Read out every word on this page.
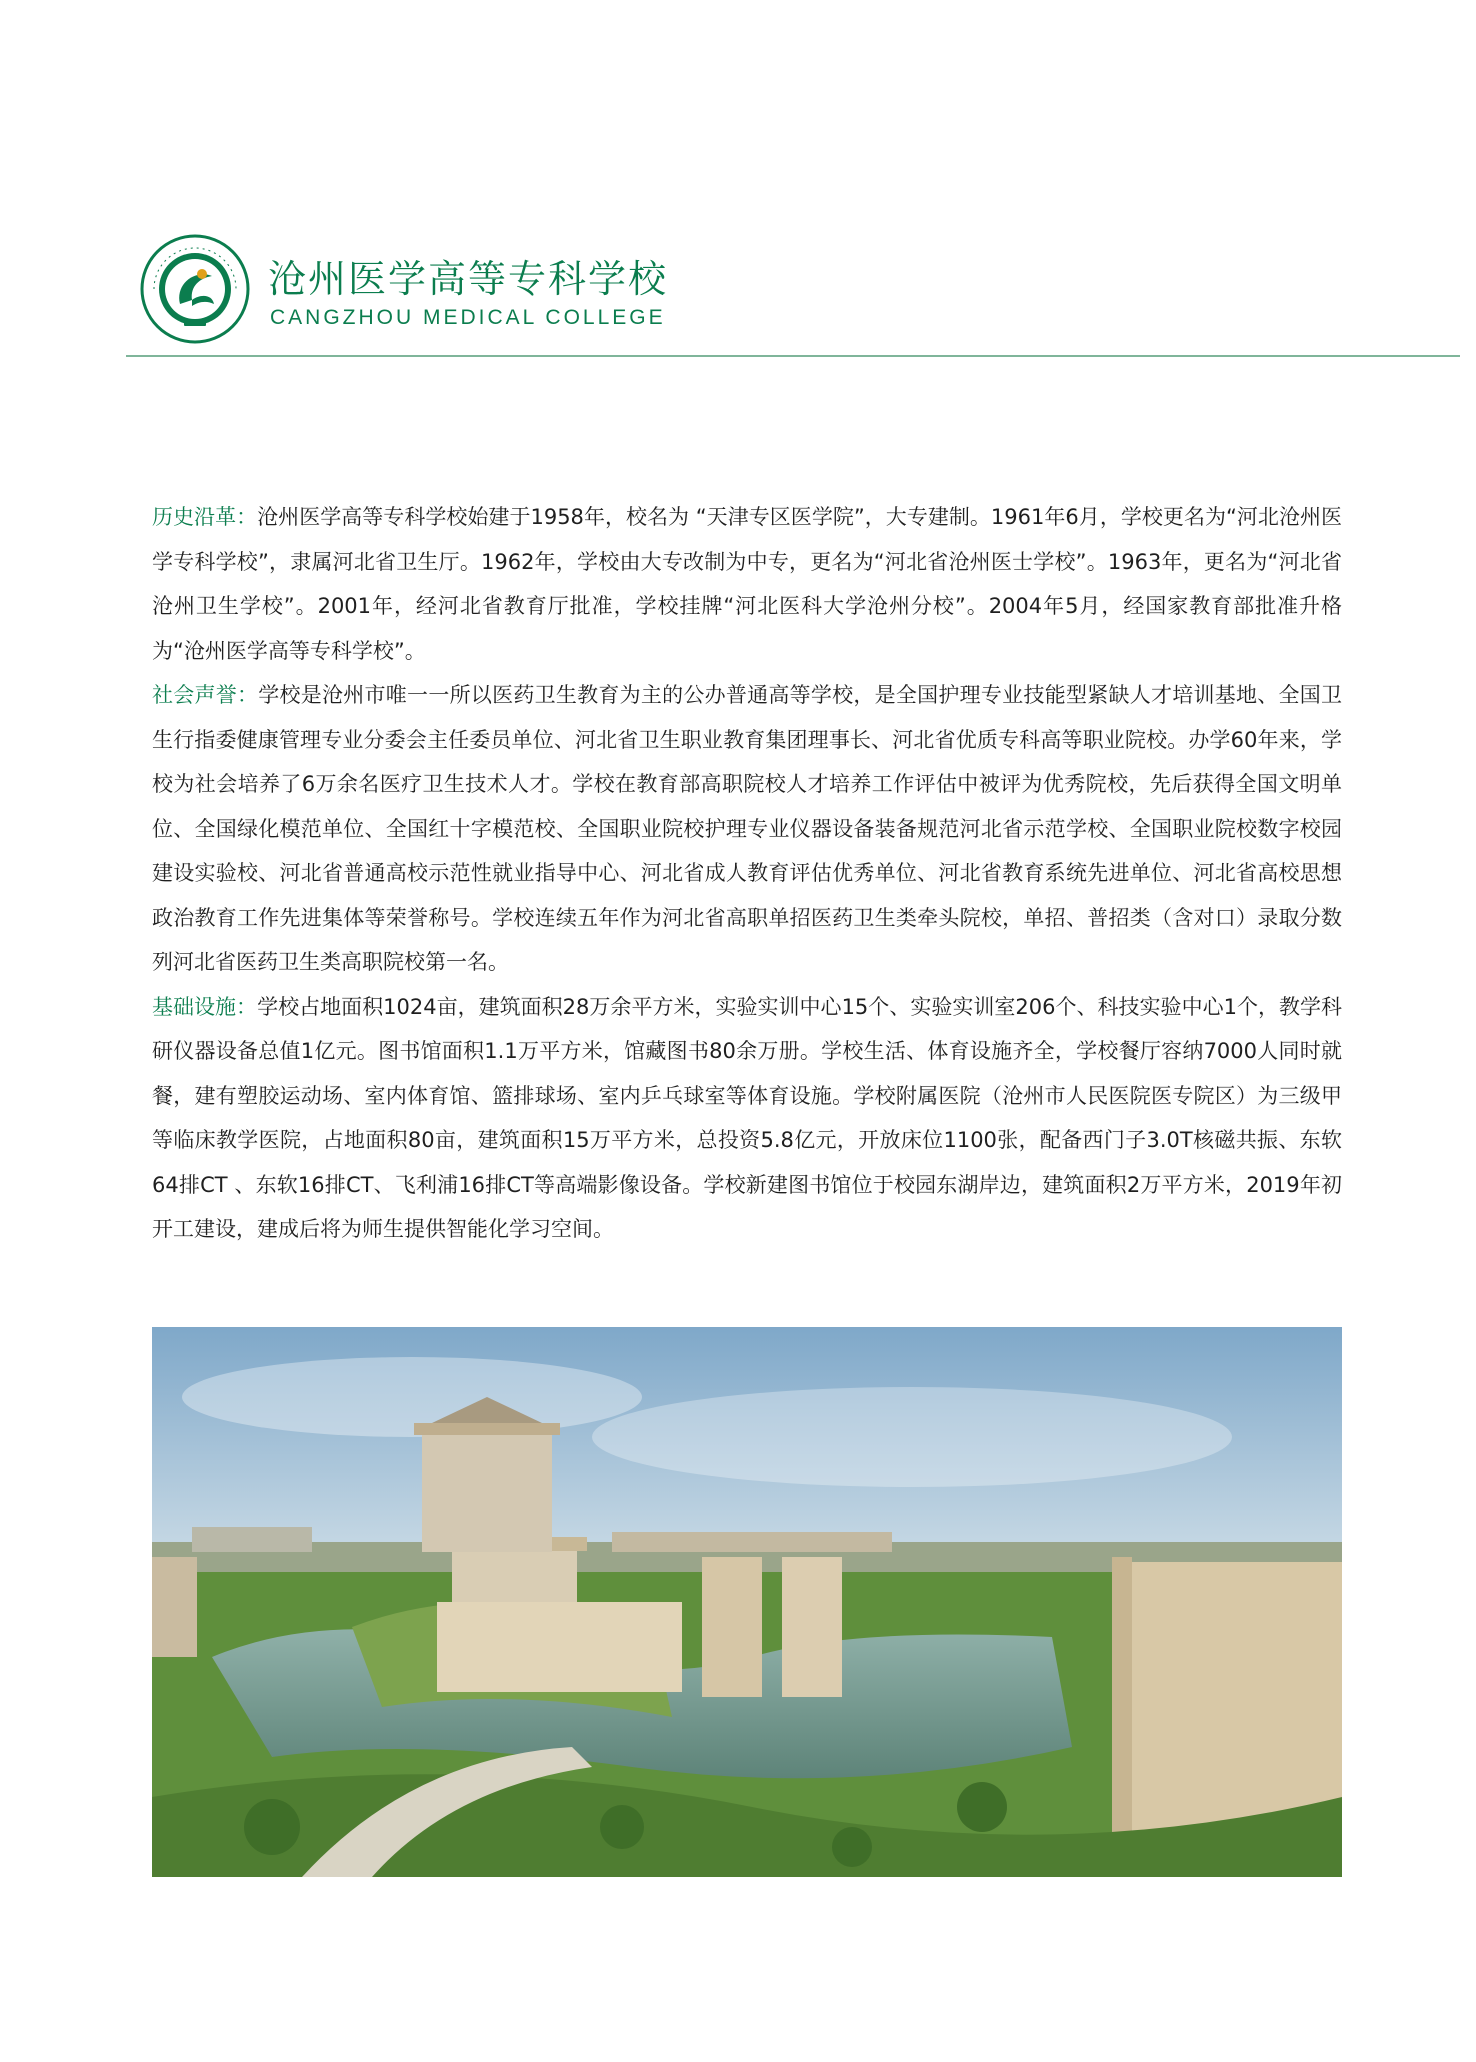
沧州医学高等专科学校
CANGZHOU MEDICAL COLLEGE

历史沿革：沧州医学高等专科学校始建于1958年，校名为 “天津专区医学院”，大专建制。1961年6月，学校更名为“河北沧州医学专科学校”，隶属河北省卫生厅。1962年，学校由大专改制为中专，更名为“河北省沧州医士学校”。1963年，更名为“河北省沧州卫生学校”。2001年，经河北省教育厅批准，学校挂牌“河北医科大学沧州分校”。2004年5月，经国家教育部批准升格为“沧州医学高等专科学校”。

社会声誉：学校是沧州市唯一一所以医药卫生教育为主的公办普通高等学校，是全国护理专业技能型紧缺人才培训基地、全国卫生行指委健康管理专业分委会主任委员单位、河北省卫生职业教育集团理事长、河北省优质专科高等职业院校。办学60年来，学校为社会培养了6万余名医疗卫生技术人才。学校在教育部高职院校人才培养工作评估中被评为优秀院校，先后获得全国文明单位、全国绿化模范单位、全国红十字模范校、全国职业院校护理专业仪器设备装备规范河北省示范学校、全国职业院校数字校园建设实验校、河北省普通高校示范性就业指导中心、河北省成人教育评估优秀单位、河北省教育系统先进单位、河北省高校思想政治教育工作先进集体等荣誉称号。学校连续五年作为河北省高职单招医药卫生类牵头院校，单招、普招类（含对口）录取分数列河北省医药卫生类高职院校第一名。

基础设施：学校占地面积1024亩，建筑面积28万余平方米，实验实训中心15个、实验实训室206个、科技实验中心1个，教学科研仪器设备总值1亿元。图书馆面积1.1万平方米，馆藏图书80余万册。学校生活、体育设施齐全，学校餐厅容纳7000人同时就餐，建有塑胶运动场、室内体育馆、篮排球场、室内乒乓球室等体育设施。学校附属医院（沧州市人民医院医专院区）为三级甲等临床教学医院，占地面积80亩，建筑面积15万平方米，总投资5.8亿元，开放床位1100张，配备西门子3.0T核磁共振、东软64排CT 、东软16排CT、飞利浦16排CT等高端影像设备。学校新建图书馆位于校园东湖岸边，建筑面积2万平方米，2019年初开工建设，建成后将为师生提供智能化学习空间。
